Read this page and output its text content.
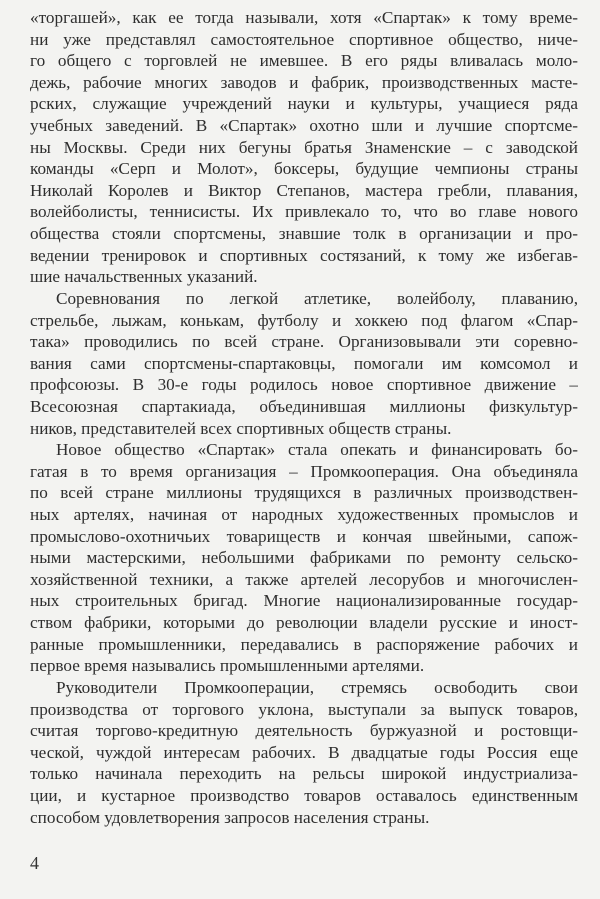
«торгашей», как ее тогда называли, хотя «Спартак» к тому време-
ни уже представлял самостоятельное спортивное общество, ниче-
го общего с торговлей не имевшее. В его ряды вливалась моло-
дежь, рабочие многих заводов и фабрик, производственных масте-
рских, служащие учреждений науки и культуры, учащиеся ряда
учебных заведений. В «Спартак» охотно шли и лучшие спортсме-
ны Москвы. Среди них бегуны братья Знаменские – с заводской
команды «Серп и Молот», боксеры, будущие чемпионы страны
Николай Королев и Виктор Степанов, мастера гребли, плавания,
волейболисты, теннисисты. Их привлекало то, что во главе нового
общества стояли спортсмены, знавшие толк в организации и про-
ведении тренировок и спортивных состязаний, к тому же избегав-
шие начальственных указаний.
Соревнования по легкой атлетике, волейболу, плаванию,
стрельбе, лыжам, конькам, футболу и хоккею под флагом «Спар-
така» проводились по всей стране. Организовывали эти соревно-
вания сами спортсмены-спартаковцы, помогали им комсомол и
профсоюзы. В 30-е годы родилось новое спортивное движение –
Всесоюзная спартакиада, объединившая миллионы физкультур-
ников, представителей всех спортивных обществ страны.
Новое общество «Спартак» стала опекать и финансировать бо-
гатая в то время организация – Промкооперация. Она объединяла
по всей стране миллионы трудящихся в различных производствен-
ных артелях, начиная от народных художественных промыслов и
промыслово-охотничьих товариществ и кончая швейными, сапож-
ными мастерскими, небольшими фабриками по ремонту сельско-
хозяйственной техники, а также артелей лесорубов и многочислен-
ных строительных бригад. Многие национализированные государ-
ством фабрики, которыми до революции владели русские и иност-
ранные промышленники, передавались в распоряжение рабочих и
первое время назывались промышленными артелями.
Руководители Промкооперации, стремясь освободить свои
производства от торгового уклона, выступали за выпуск товаров,
считая торгово-кредитную деятельность буржуазной и ростовщи-
ческой, чуждой интересам рабочих. В двадцатые годы Россия еще
только начинала переходить на рельсы широкой индустриализа-
ции, и кустарное производство товаров оставалось единственным
способом удовлетворения запросов населения страны.
4
